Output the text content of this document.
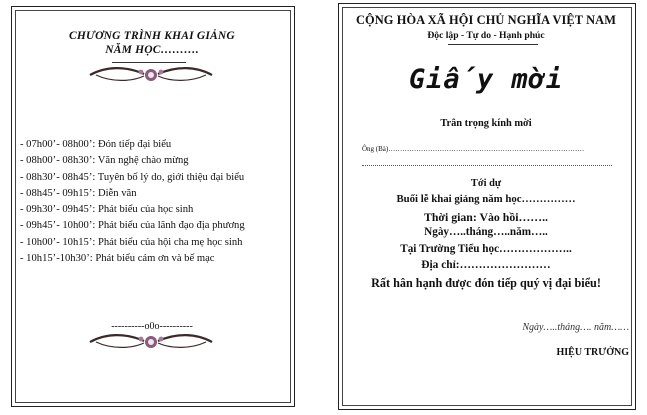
CHƯƠNG TRÌNH KHAI GIẢNG
NĂM HỌC……….
- 07h00’- 08h00’: Đón tiếp đại biểu
- 08h00’- 08h30’: Văn nghệ chào mừng
- 08h30’- 08h45’: Tuyên bố lý do, giới thiệu đại biểu
- 08h45’- 09h15’: Diễn văn
- 09h30’- 09h45’: Phát biểu của học sinh
- 09h45’- 10h00’: Phát biểu của lãnh đạo địa phương
- 10h00’- 10h15’: Phát biểu của hội cha mẹ học sinh
- 10h15’-10h30’: Phát biểu cảm ơn và bế mạc
----------o0o----------
CỘNG HÒA XÃ HỘI CHỦ NGHĨA VIỆT NAM
Độc lập - Tự do - Hạnh phúc
Giấy mời
Trân trọng kính mời
Ông (Bà)…………………………………………………………………………
Tới dự
Buổi lễ khai giảng năm học……………
Thời gian: Vào hồi……..
Ngày…..tháng…..năm…..
Tại Trường Tiểu học………………..
Địa chỉ:……………………
Rất hân hạnh được đón tiếp quý vị đại biểu!
Ngày…..tháng…. năm……
HIỆU TRƯỞNG
